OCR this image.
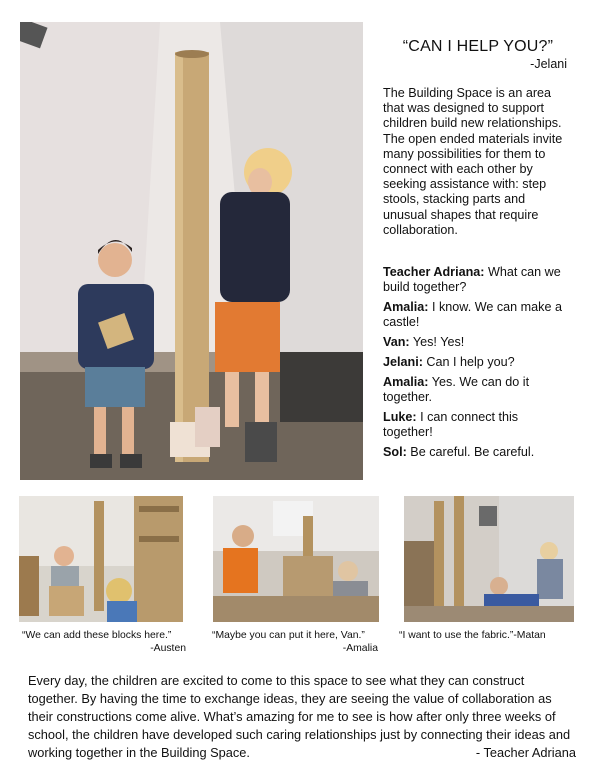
“CAN I HELP YOU?”
-Jelani

The Building Space is an area that was designed to support children build new relationships. The open ended materials invite many possibilities for them to connect with each other by seeking assistance with: step stools, stacking parts and unusual shapes that require collaboration.

Teacher Adriana: What can we build together?
Amalia: I know. We can make a castle!
Van: Yes! Yes!
Jelani: Can I help you?
Amalia: Yes. We can do it together.
Luke: I can connect this together!
Sol: Be careful. Be careful.
“We can add these blocks here.”
-Austen
“Maybe you can put it here, Van.”
-Amalia
“I want to use the fabric.”-Matan

Every day, the children are excited to come to this space to see what they can construct together. By having the time to exchange ideas, they are seeing the value of collaboration as their constructions come alive. What’s amazing for me to see is how after only three weeks of school, the children have developed such caring relationships just by connecting their ideas and working together in the Building Space.	- Teacher Adriana
